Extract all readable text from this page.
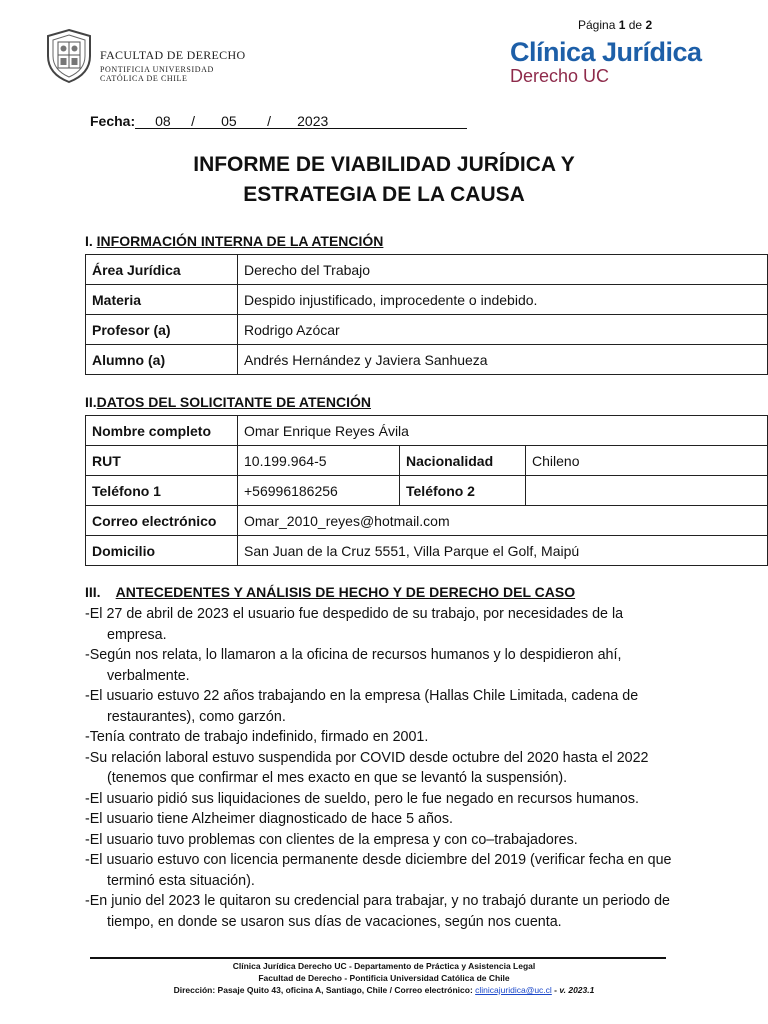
Página 1 de 2
FACULTAD DE DERECHO
PONTIFICIA UNIVERSIDAD
CATÓLICA DE CHILE
Clínica Jurídica
Derecho UC
Fecha: 08 / 05 / 2023
INFORME DE VIABILIDAD JURÍDICA Y
ESTRATEGIA DE LA CAUSA
I. INFORMACIÓN INTERNA DE LA ATENCIÓN
Área Jurídica	Derecho del Trabajo
Materia	Despido injustificado, improcedente o indebido.
Profesor (a)	Rodrigo Azócar
Alumno (a)	Andrés Hernández y Javiera Sanhueza
II.DATOS DEL SOLICITANTE DE ATENCIÓN
Nombre completo	Omar Enrique Reyes Ávila		
RUT	10.199.964-5	Nacionalidad	Chileno
Teléfono 1	+56996186256	Teléfono 2	
Correo electrónico	Omar_2010_reyes@hotmail.com		
Domicilio	San Juan de la Cruz 5551, Villa Parque el Golf, Maipú		
III. ANTECEDENTES Y ANÁLISIS DE HECHO Y DE DERECHO DEL CASO

-El 27 de abril de 2023 el usuario fue despedido de su trabajo, por necesidades de la empresa.

-Según nos relata, lo llamaron a la oficina de recursos humanos y lo despidieron ahí, verbalmente.

-El usuario estuvo 22 años trabajando en la empresa (Hallas Chile Limitada, cadena de restaurantes), como garzón.

-Tenía contrato de trabajo indefinido, firmado en 2001.

-Su relación laboral estuvo suspendida por COVID desde octubre del 2020 hasta el 2022 (tenemos que confirmar el mes exacto en que se levantó la suspensión).

-El usuario pidió sus liquidaciones de sueldo, pero le fue negado en recursos humanos.

-El usuario tiene Alzheimer diagnosticado de hace 5 años.

-El usuario tuvo problemas con clientes de la empresa y con co–trabajadores.

-El usuario estuvo con licencia permanente desde diciembre del 2019 (verificar fecha en que terminó esta situación).

-En junio del 2023 le quitaron su credencial para trabajar, y no trabajó durante un periodo de tiempo, en donde se usaron sus días de vacaciones, según nos cuenta.

Clínica Jurídica Derecho UC - Departamento de Práctica y Asistencia Legal
Facultad de Derecho - Pontificia Universidad Católica de Chile
Dirección: Pasaje Quito 43, oficina A, Santiago, Chile / Correo electrónico: clinicajuridica@uc.cl - v. 2023.1
